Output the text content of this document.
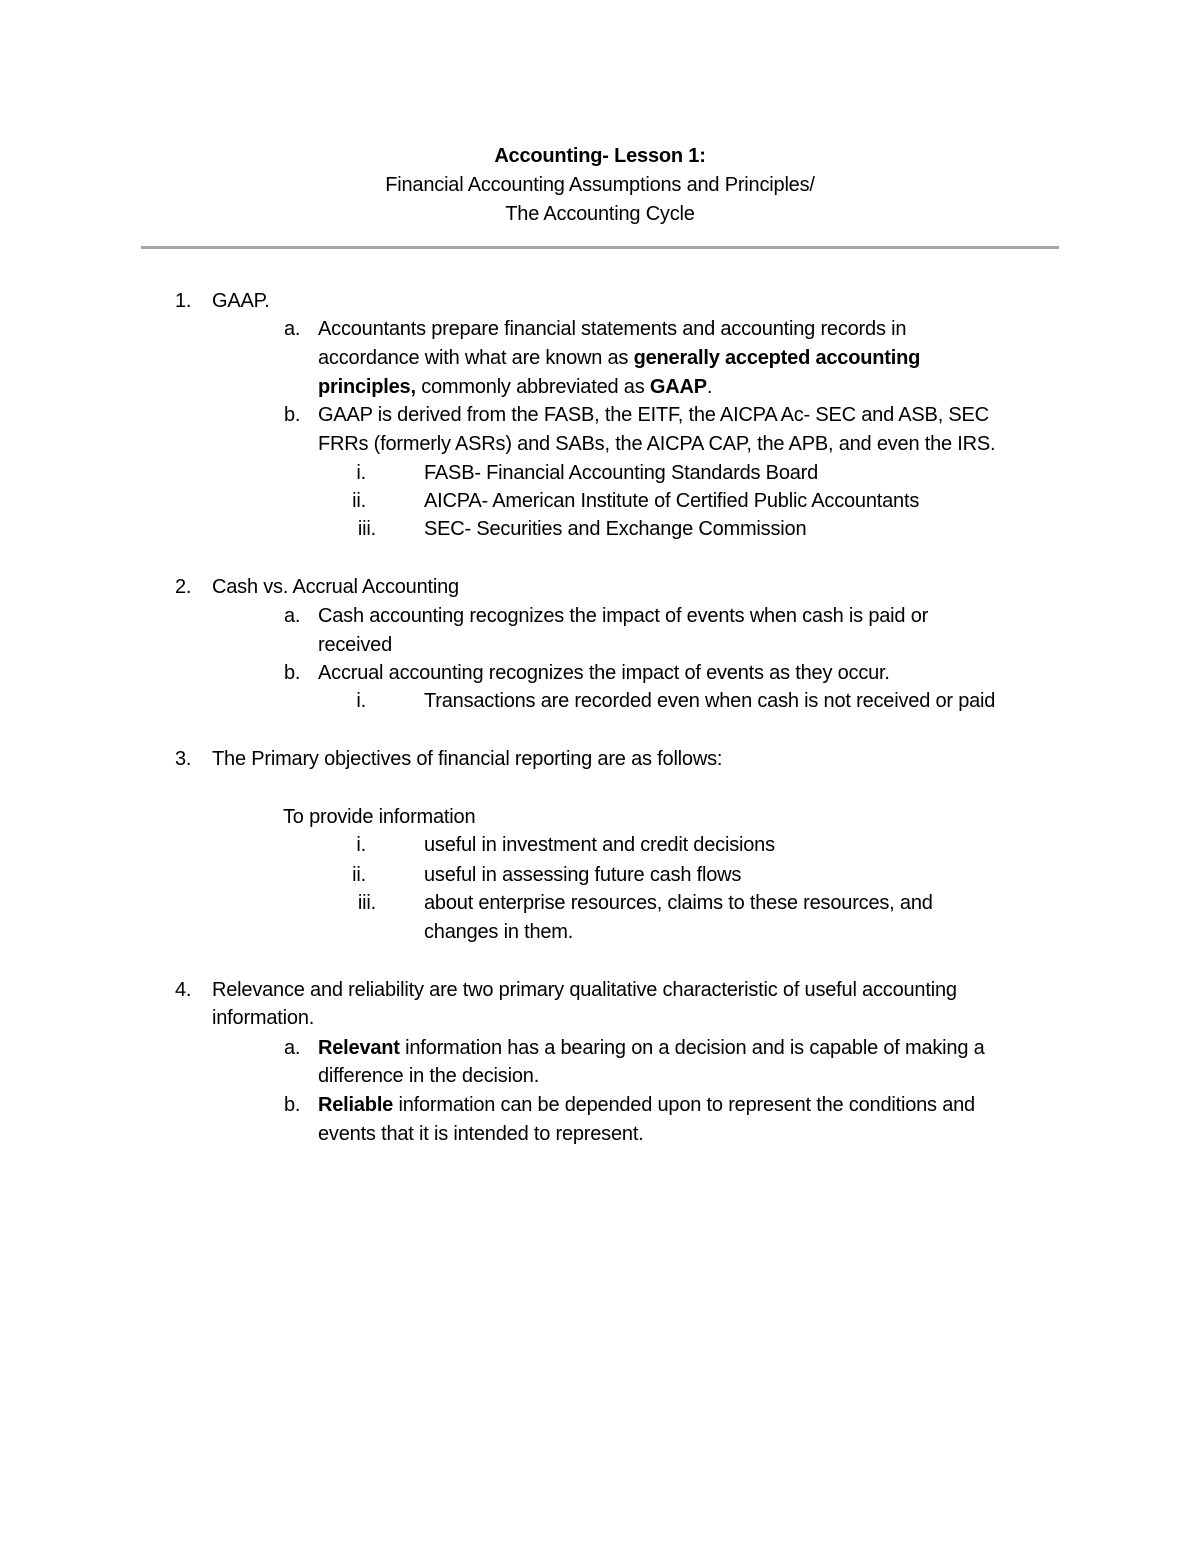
Accounting- Lesson 1:
Financial Accounting Assumptions and Principles/
The Accounting Cycle
1. GAAP.
a. Accountants prepare financial statements and accounting records in
accordance with what are known as generally accepted accounting
principles, commonly abbreviated as GAAP.
b. GAAP is derived from the FASB, the EITF, the AICPA Ac- SEC and ASB, SEC
FRRs (formerly ASRs) and SABs, the AICPA CAP, the APB, and even the IRS.
i.	FASB- Financial Accounting Standards Board
ii.	AICPA- American Institute of Certified Public Accountants
iii. SEC- Securities and Exchange Commission
2. Cash vs. Accrual Accounting
a. Cash accounting recognizes the impact of events when cash is paid or
received
b. Accrual accounting recognizes the impact of events as they occur.
i.	Transactions are recorded even when cash is not received or paid
3. The Primary objectives of financial reporting are as follows:
To provide information
i.	useful in investment and credit decisions
ii.	useful in assessing future cash flows
iii. about enterprise resources, claims to these resources, and
changes in them.
4. Relevance and reliability are two primary qualitative characteristic of useful accounting
information.
a. Relevant information has a bearing on a decision and is capable of making a
difference in the decision.
b. Reliable information can be depended upon to represent the conditions and
events that it is intended to represent.
